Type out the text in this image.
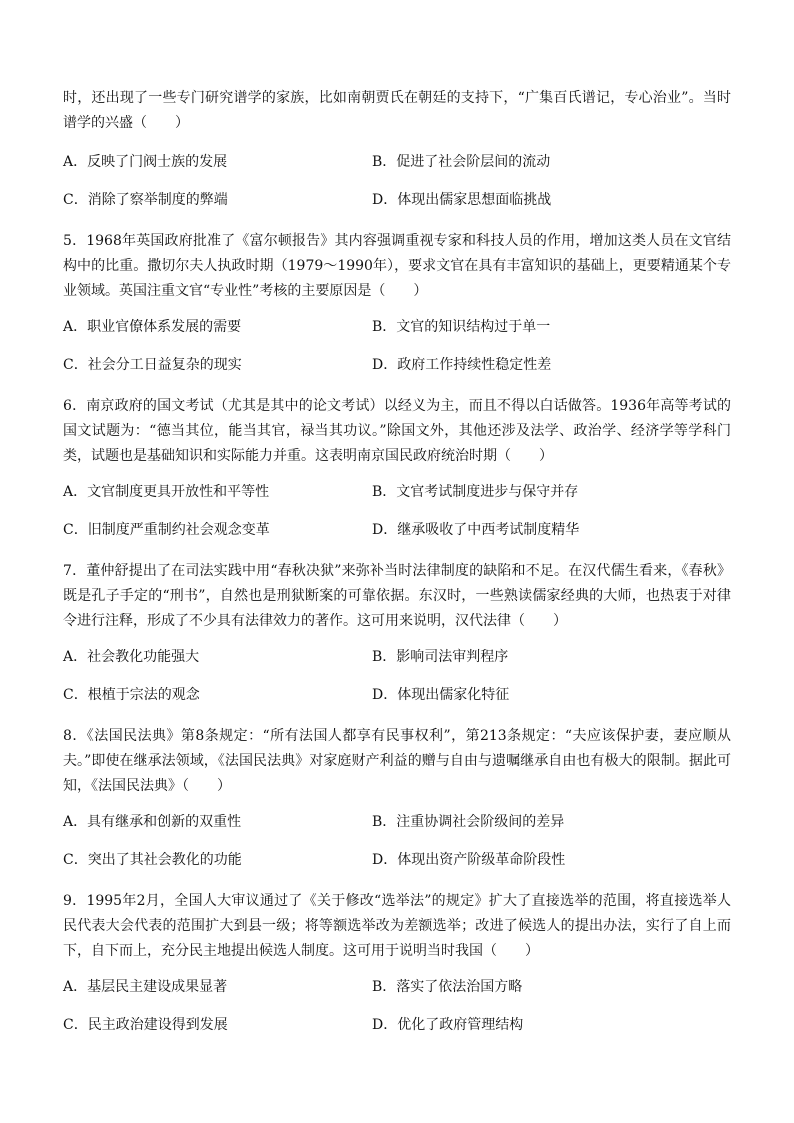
时，还出现了一些专门研究谱学的家族，比如南朝贾氏在朝廷的支持下，“广集百氏谱记，专心治业”。当时谱学的兴盛（　　）

A．反映了门阀士族的发展	B．促进了社会阶层间的流动
C．消除了察举制度的弊端	D．体现出儒家思想面临挑战

5．1968年英国政府批准了《富尔顿报告》其内容强调重视专家和科技人员的作用，增加这类人员在文官结构中的比重。撒切尔夫人执政时期（1979～1990年），要求文官在具有丰富知识的基础上，更要精通某个专业领域。英国注重文官“专业性”考核的主要原因是（　　）

A．职业官僚体系发展的需要	B．文官的知识结构过于单一
C．社会分工日益复杂的现实	D．政府工作持续性稳定性差

6．南京政府的国文考试（尤其是其中的论文考试）以经义为主，而且不得以白话做答。1936年高等考试的国文试题为：“德当其位，能当其官，禄当其功议。”除国文外，其他还涉及法学、政治学、经济学等学科门类，试题也是基础知识和实际能力并重。这表明南京国民政府统治时期（　　）

A．文官制度更具开放性和平等性	B．文官考试制度进步与保守并存
C．旧制度严重制约社会观念变革	D．继承吸收了中西考试制度精华

7．董仲舒提出了在司法实践中用“春秋决狱”来弥补当时法律制度的缺陷和不足。在汉代儒生看来，《春秋》既是孔子手定的“刑书”，自然也是刑狱断案的可靠依据。东汉时，一些熟读儒家经典的大师，也热衷于对律令进行注释，形成了不少具有法律效力的著作。这可用来说明，汉代法律（　　）

A．社会教化功能强大	B．影响司法审判程序
C．根植于宗法的观念	D．体现出儒家化特征

8．《法国民法典》第8条规定：“所有法国人都享有民事权利”，第213条规定：“夫应该保护妻，妻应顺从夫。”即使在继承法领域，《法国民法典》对家庭财产利益的赠与自由与遗嘱继承自由也有极大的限制。据此可知，《法国民法典》（　　）

A．具有继承和创新的双重性	B．注重协调社会阶级间的差异
C．突出了其社会教化的功能	D．体现出资产阶级革命阶段性

9．1995年2月，全国人大审议通过了《关于修改“选举法”的规定》扩大了直接选举的范围，将直接选举人民代表大会代表的范围扩大到县一级；将等额选举改为差额选举；改进了候选人的提出办法，实行了自上而下，自下而上，充分民主地提出候选人制度。这可用于说明当时我国（　　）

A．基层民主建设成果显著	B．落实了依法治国方略
C．民主政治建设得到发展	D．优化了政府管理结构
